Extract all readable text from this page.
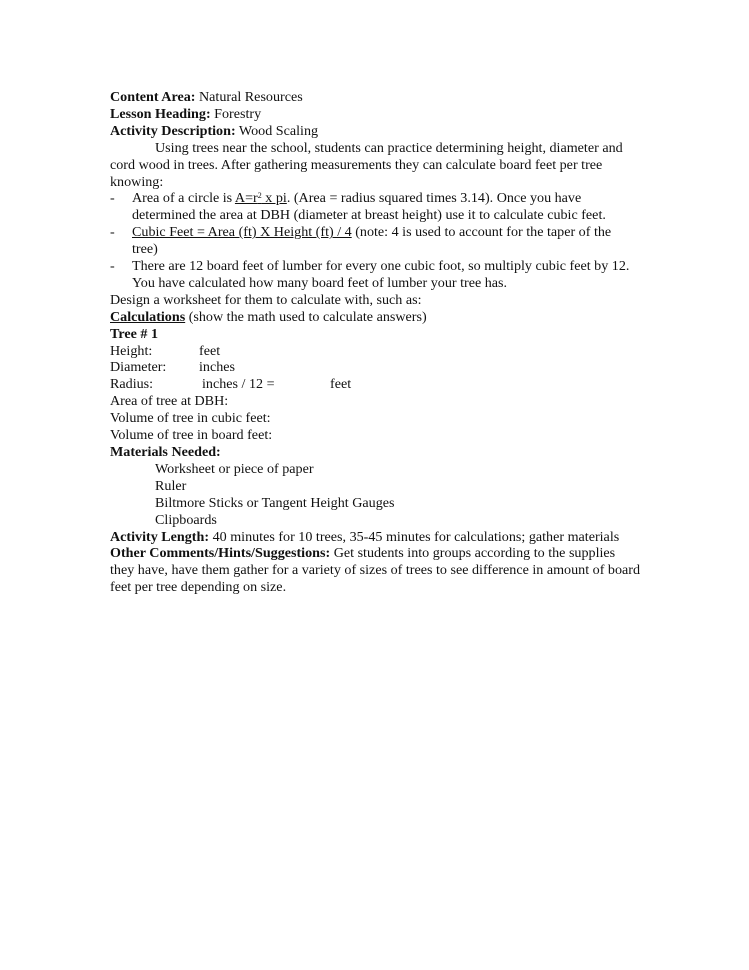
Content Area: Natural Resources
Lesson Heading: Forestry
Activity Description: Wood Scaling
Using trees near the school, students can practice determining height, diameter and cord wood in trees. After gathering measurements they can calculate board feet per tree knowing:
- Area of a circle is $A=r^2$ x pi. (Area = radius squared times 3.14). Once you have determined the area at DBH (diameter at breast height) use it to calculate cubic feet.
- Cubic Feet = Area (ft) X Height (ft) / 4 (note: 4 is used to account for the taper of the tree)
- There are 12 board feet of lumber for every one cubic foot, so multiply cubic feet by 12. You have calculated how many board feet of lumber your tree has.
Design a worksheet for them to calculate with, such as:
Calculations (show the math used to calculate answers)
Tree # 1
Height:	feet
Diameter: inches
Radius:	inches / 12 =	feet
Area of tree at DBH:
Volume of tree in cubic feet:
Volume of tree in board feet:
Materials Needed:
Worksheet or piece of paper
Ruler
Biltmore Sticks or Tangent Height Gauges
Clipboards
Activity Length: 40 minutes for 10 trees, 35-45 minutes for calculations; gather materials
Other Comments/Hints/Suggestions: Get students into groups according to the supplies they have, have them gather for a variety of sizes of trees to see difference in amount of board feet per tree depending on size.
